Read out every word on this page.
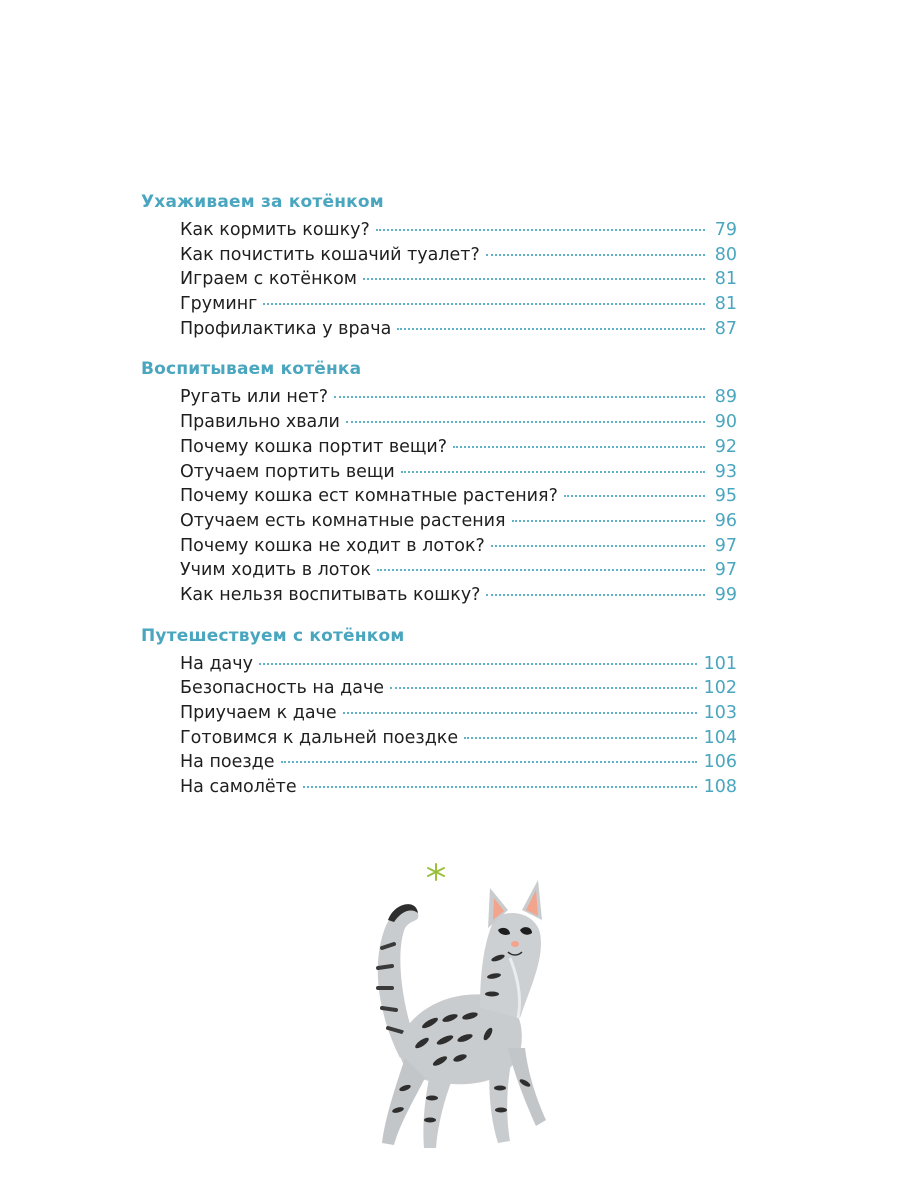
Ухаживаем за котёнком
Как кормить кошку?	79
Как почистить кошачий туалет?	80
Играем с котёнком	81
Груминг	81
Профилактика у врача	87
Воспитываем котёнка
Ругать или нет?	89
Правильно хвали	90
Почему кошка портит вещи?	92
Отучаем портить вещи	93
Почему кошка ест комнатные растения?	95
Отучаем есть комнатные растения	96
Почему кошка не ходит в лоток?	97
Учим ходить в лоток	97
Как нельзя воспитывать кошку?	99
Путешествуем с котёнком
На дачу	101
Безопасность на даче	102
Приучаем к даче	103
Готовимся к дальней поездке	104
На поезде	106
На самолёте	108
